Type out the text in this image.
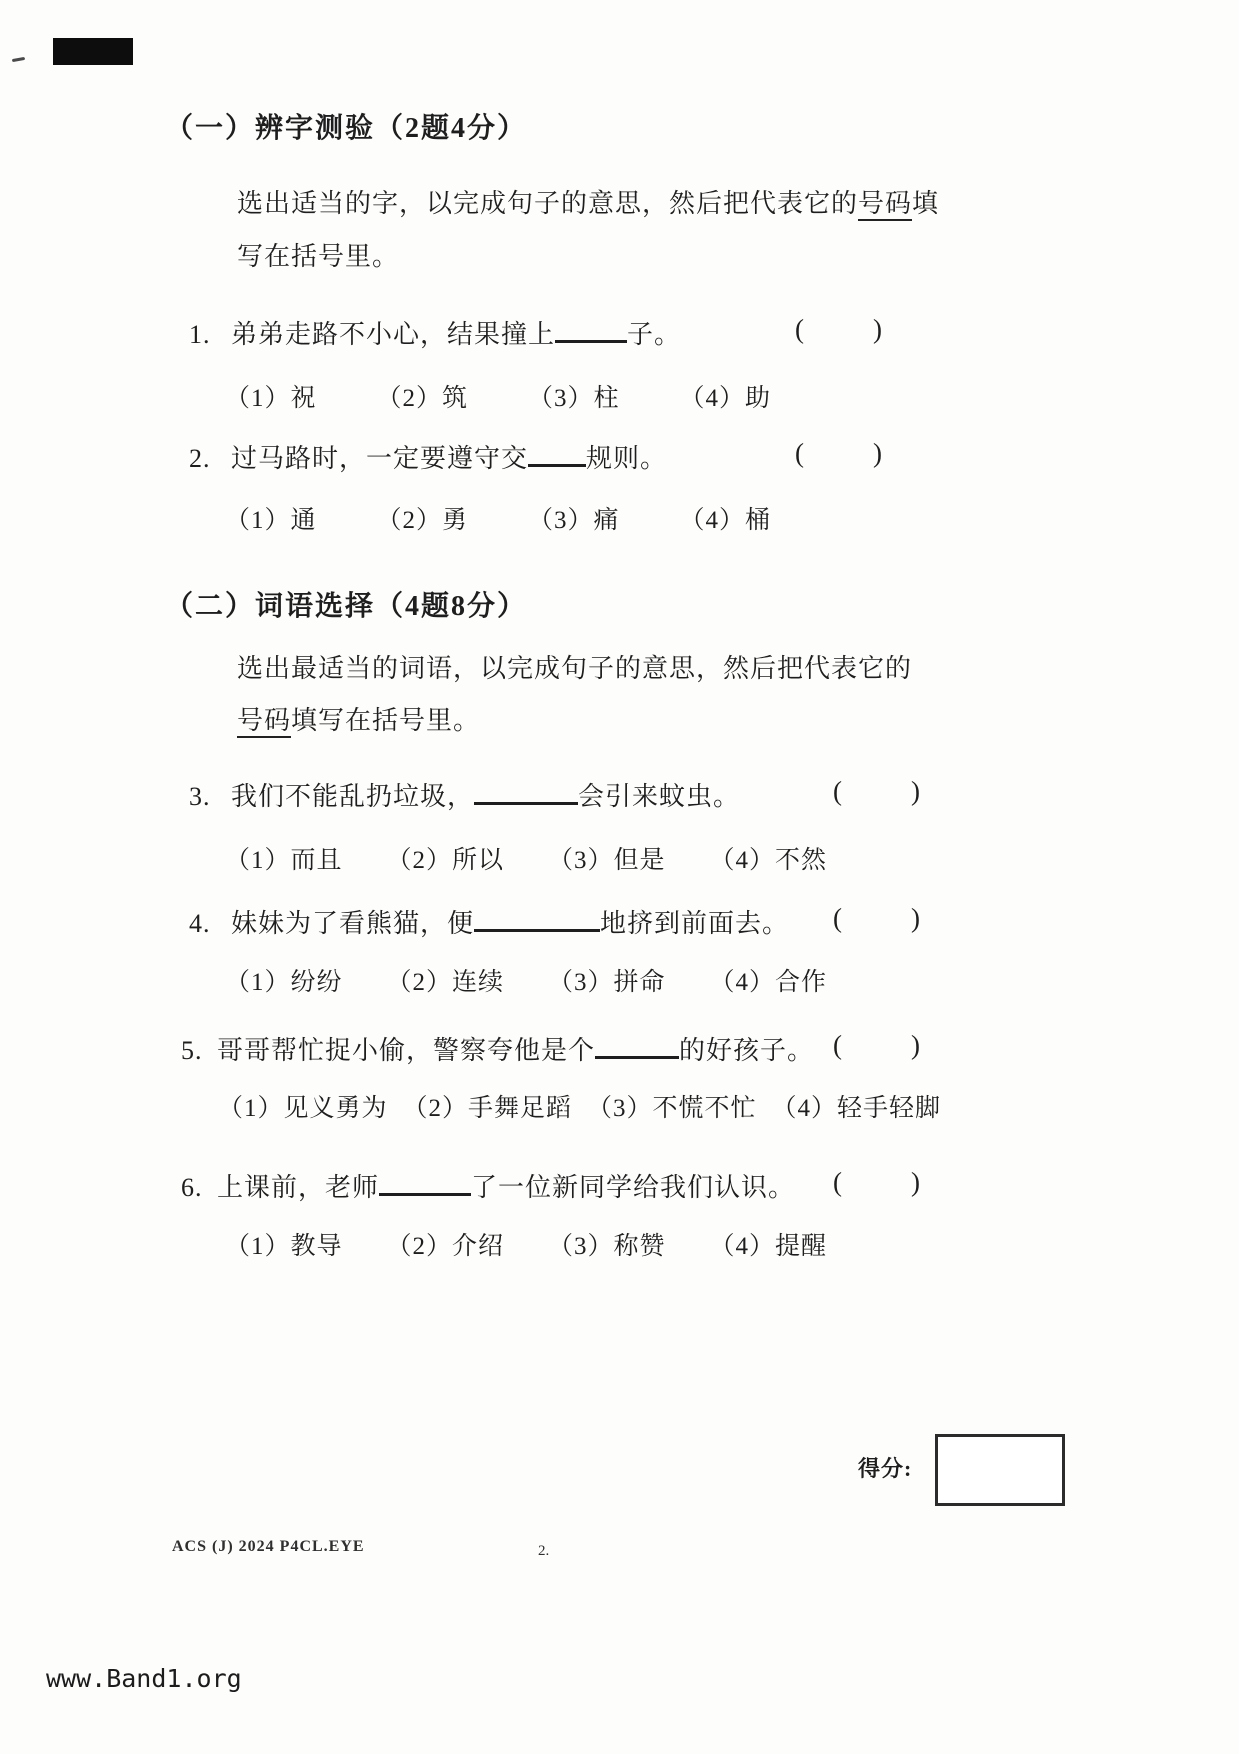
（一）辨字测验（2题4分）

选出适当的字，以完成句子的意思，然后把代表它的号码填

写在括号里。

1. 弟弟走路不小心，结果撞上	子。	(	)
（1）祝 （2）筑 （3）柱 （4）助
2. 过马路时，一定要遵守交 规则。	(	)
（1）通 （2）勇 （3）痛 （4）桶
（二）词语选择（4题8分）

选出最适当的词语，以完成句子的意思，然后把代表它的

号码填写在括号里。

3. 我们不能乱扔垃圾，	会引来蚊虫。	(	)
（1）而且 （2）所以 （3）但是 （4）不然
4. 妹妹为了看熊猫，便	地挤到前面去。 (	)
（1）纷纷 （2）连续 （3）拼命 （4）合作
5. 哥哥帮忙捉小偷，警察夸他是个	的好孩子。 (	)
（1）见义勇为 （2）手舞足蹈 （3）不慌不忙 （4）轻手轻脚
6. 上课前，老师	了一位新同学给我们认识。 (	)
（1）教导 （2）介绍 （3）称赞 （4）提醒
得分:
ACS (J) 2024 P4CL.EYE	2.
www.Band1.org
